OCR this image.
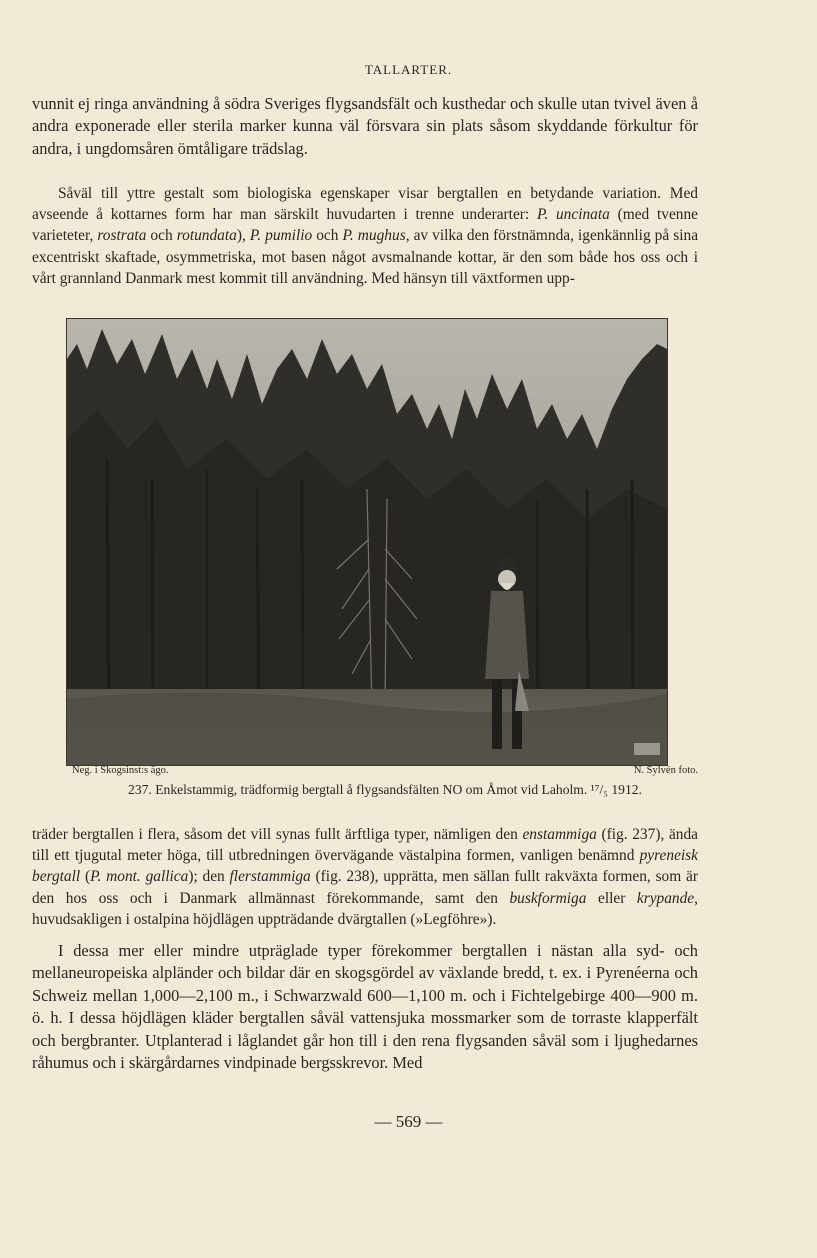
TALLARTER.

vunnit ej ringa användning å södra Sveriges flygsandsfält och kusthedar och skulle utan tvivel även å andra exponerade eller sterila marker kunna väl försvara sin plats såsom skyddande förkultur för andra, i ungdomsåren ömtåligare trädslag.

Såväl till yttre gestalt som biologiska egenskaper visar bergtallen en betydande variation. Med avseende å kottarnes form har man särskilt huvudarten i trenne underarter: P. uncinata (med tvenne varieteter, rostrata och rotundata), P. pumilio och P. mughus, av vilka den förstnämnda, igenkännlig på sina excentriskt skaftade, osymmetriska, mot basen något avsmalnande kottar, är den som både hos oss och i vårt grannland Danmark mest kommit till användning. Med hänsyn till växtformen upp-

Neg. i Skogsinst:s ägo.	N. Sylvén foto.
237. Enkelstammig, trädformig bergtall å flygsandsfälten NO om Åmot vid Laholm. ¹⁷/₅ 1912.

träder bergtallen i flera, såsom det vill synas fullt ärftliga typer, nämligen den enstammiga (fig. 237), ända till ett tjugutal meter höga, till utbredningen övervägande västalpina formen, vanligen benämnd pyreneisk bergtall (P. mont. gallica); den flerstammiga (fig. 238), upprätta, men sällan fullt rakväxta formen, som är den hos oss och i Danmark allmännast förekommande, samt den buskformiga eller krypande, huvudsakligen i ostalpina höjdlägen uppträdande dvärgtallen (»Legföhre»).

I dessa mer eller mindre utpräglade typer förekommer bergtallen i nästan alla syd- och mellaneuropeiska alpländer och bildar där en skogsgördel av växlande bredd, t. ex. i Pyrenéerna och Schweiz mellan 1,000—2,100 m., i Schwarzwald 600—1,100 m. och i Fichtelgebirge 400—900 m. ö. h. I dessa höjdlägen kläder bergtallen såväl vattensjuka mossmarker som de torraste klapperfält och bergbranter. Utplanterad i låglandet går hon till i den rena flygsanden såväl som i ljughedarnes råhumus och i skärgårdarnes vindpinade bergsskrevor. Med

— 569 —
